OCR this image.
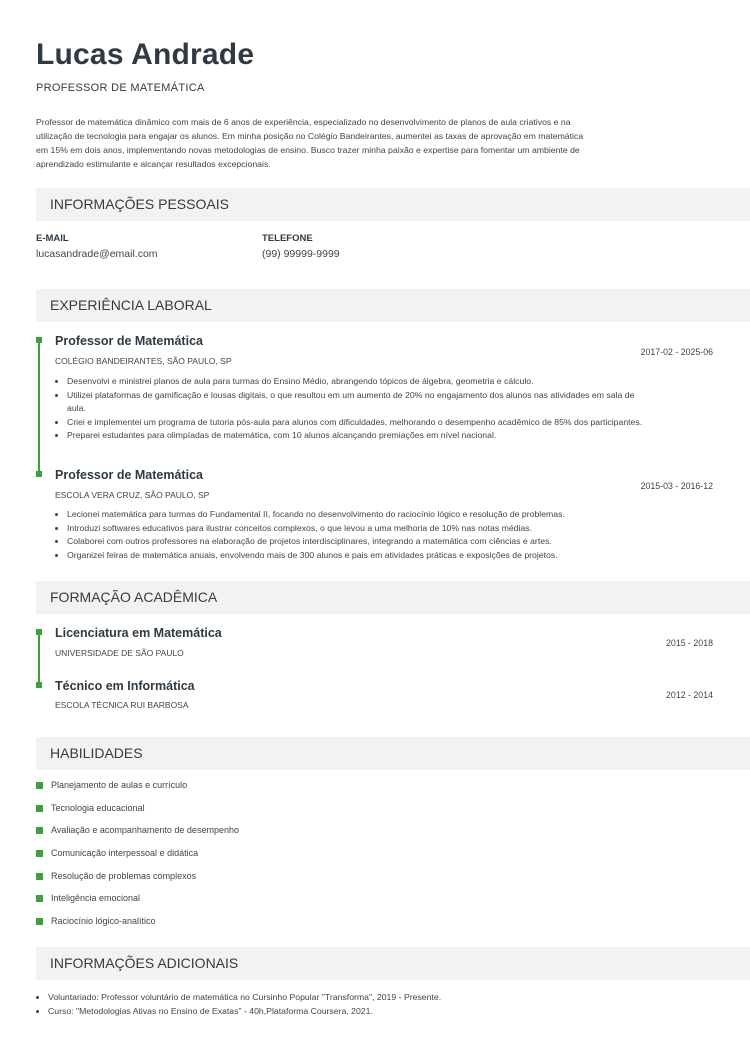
Lucas Andrade
PROFESSOR DE MATEMÁTICA
Professor de matemática dinâmico com mais de 6 anos de experiência, especializado no desenvolvimento de planos de aula criativos e na utilização de tecnologia para engajar os alunos. Em minha posição no Colégio Bandeirantes, aumentei as taxas de aprovação em matemática em 15% em dois anos, implementando novas metodologias de ensino. Busco trazer minha paixão e expertise para fomentar um ambiente de aprendizado estimulante e alcançar resultados excepcionais.
INFORMAÇÕES PESSOAIS
E-MAIL
lucasandrade@email.com
TELEFONE
(99) 99999-9999
EXPERIÊNCIA LABORAL
Professor de Matemática
COLÉGIO BANDEIRANTES, SÃO PAULO, SP
2017-02 - 2025-06
• Desenvolvi e ministrei planos de aula para turmas do Ensino Médio, abrangendo tópicos de álgebra, geometria e cálculo.
• Utilizei plataformas de gamificação e lousas digitais, o que resultou em um aumento de 20% no engajamento dos alunos nas atividades em sala de aula.
• Criei e implementei um programa de tutoria pós-aula para alunos com dificuldades, melhorando o desempenho acadêmico de 85% dos participantes.
• Preparei estudantes para olimpíadas de matemática, com 10 alunos alcançando premiações em nível nacional.
Professor de Matemática
ESCOLA VERA CRUZ, SÃO PAULO, SP
2015-03 - 2016-12
• Lecionei matemática para turmas do Fundamental II, focando no desenvolvimento do raciocínio lógico e resolução de problemas.
• Introduzi softwares educativos para ilustrar conceitos complexos, o que levou a uma melhoria de 10% nas notas médias.
• Colaborei com outros professores na elaboração de projetos interdisciplinares, integrando a matemática com ciências e artes.
• Organizei feiras de matemática anuais, envolvendo mais de 300 alunos e pais em atividades práticas e exposições de projetos.
FORMAÇÃO ACADÊMICA
Licenciatura em Matemática
UNIVERSIDADE DE SÃO PAULO
2015 - 2018
Técnico em Informática
ESCOLA TÉCNICA RUI BARBOSA
2012 - 2014
HABILIDADES
Planejamento de aulas e currículo
Tecnologia educacional
Avaliação e acompanhamento de desempenho
Comunicação interpessoal e didática
Resolução de problemas complexos
Inteligência emocional
Raciocínio lógico-analítico
INFORMAÇÕES ADICIONAIS
• Voluntariado: Professor voluntário de matemática no Cursinho Popular "Transforma", 2019 - Presente.
• Curso: "Metodologias Ativas no Ensino de Exatas" - 40h,Plataforma Coursera, 2021.
